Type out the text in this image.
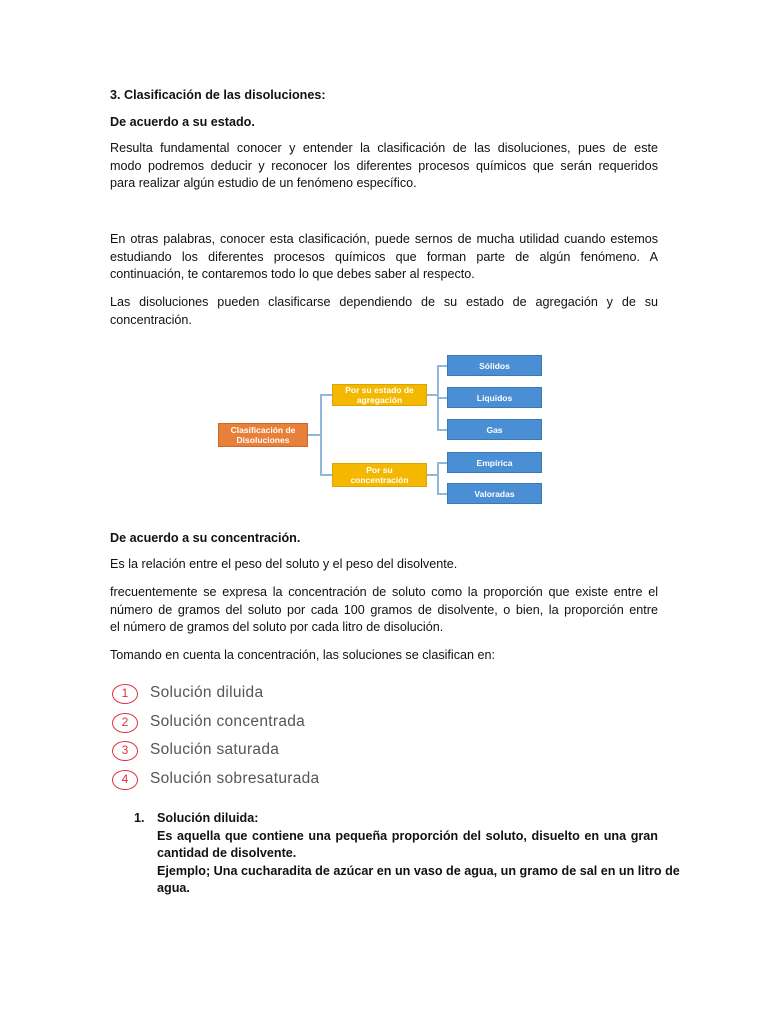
3. Clasificación de las disoluciones:

De acuerdo a su estado.

Resulta fundamental conocer y entender la clasificación de las disoluciones, pues de este
modo podremos deducir y reconocer los diferentes procesos químicos que serán requeridos
para realizar algún estudio de un fenómeno específico.

En otras palabras, conocer esta clasificación, puede sernos de mucha utilidad cuando estemos
estudiando los diferentes procesos químicos que forman parte de algún fenómeno. A
continuación, te contaremos todo lo que debes saber al respecto.

Las disoluciones pueden clasificarse dependiendo de su estado de agregación y de su
concentración.

Clasificación de
Disoluciones
Por su estado de
agregación
Por su
concentración
Sólidos
Líquidos
Gas
Empírica
Valoradas

De acuerdo a su concentración.

Es la relación entre el peso del soluto y el peso del disolvente.

frecuentemente se expresa la concentración de soluto como la proporción que existe entre el
número de gramos del soluto por cada 100 gramos de disolvente, o bien, la proporción entre
el número de gramos del soluto por cada litro de disolución.

Tomando en cuenta la concentración, las soluciones se clasifican en:

1	Solución diluida
2	Solución concentrada
3	Solución saturada
4	Solución sobresaturada
1. Solución diluida:
Es aquella que contiene una pequeña proporción del soluto, disuelto en una gran
cantidad de disolvente.
Ejemplo; Una cucharadita de azúcar en un vaso de agua, un gramo de sal en un litro de
agua.
